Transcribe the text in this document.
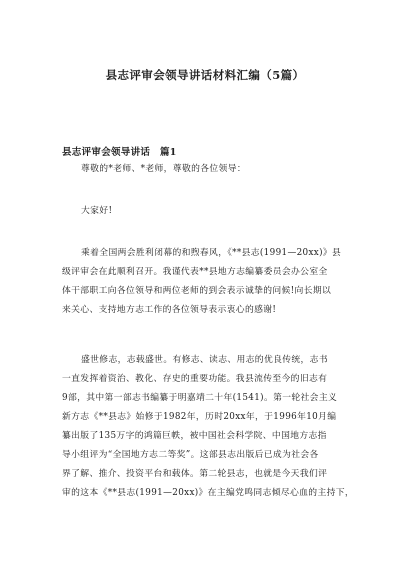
县志评审会领导讲话材料汇编（5篇）
县志评审会领导讲话　篇1
尊敬的*老师、*老师，尊敬的各位领导：
大家好!
乘着全国两会胜利闭幕的和煦春风，《**县志(1991—20xx)》县
级评审会在此顺利召开。我谨代表**县地方志编纂委员会办公室全
体干部职工向各位领导和两位老师的到会表示诚挚的问候!向长期以
来关心、支持地方志工作的各位领导表示衷心的感谢!
盛世修志，志载盛世。有修志、读志、用志的优良传统，志书
一直发挥着资治、教化、存史的重要功能。我县流传至今的旧志有
9部，其中第一部志书编纂于明嘉靖二十年(1541)。第一轮社会主义
新方志《**县志》始修于1982年，历时20xx年，于1996年10月编
纂出版了135万字的鸿篇巨帙，被中国社会科学院、中国地方志指
导小组评为“全国地方志二等奖”。这部县志出版后已成为社会各
界了解、推介、投资平台和载体。第二轮县志，也就是今天我们评
审的这本《**县志(1991—20xx)》在主编党鸣同志倾尽心血的主持下，
